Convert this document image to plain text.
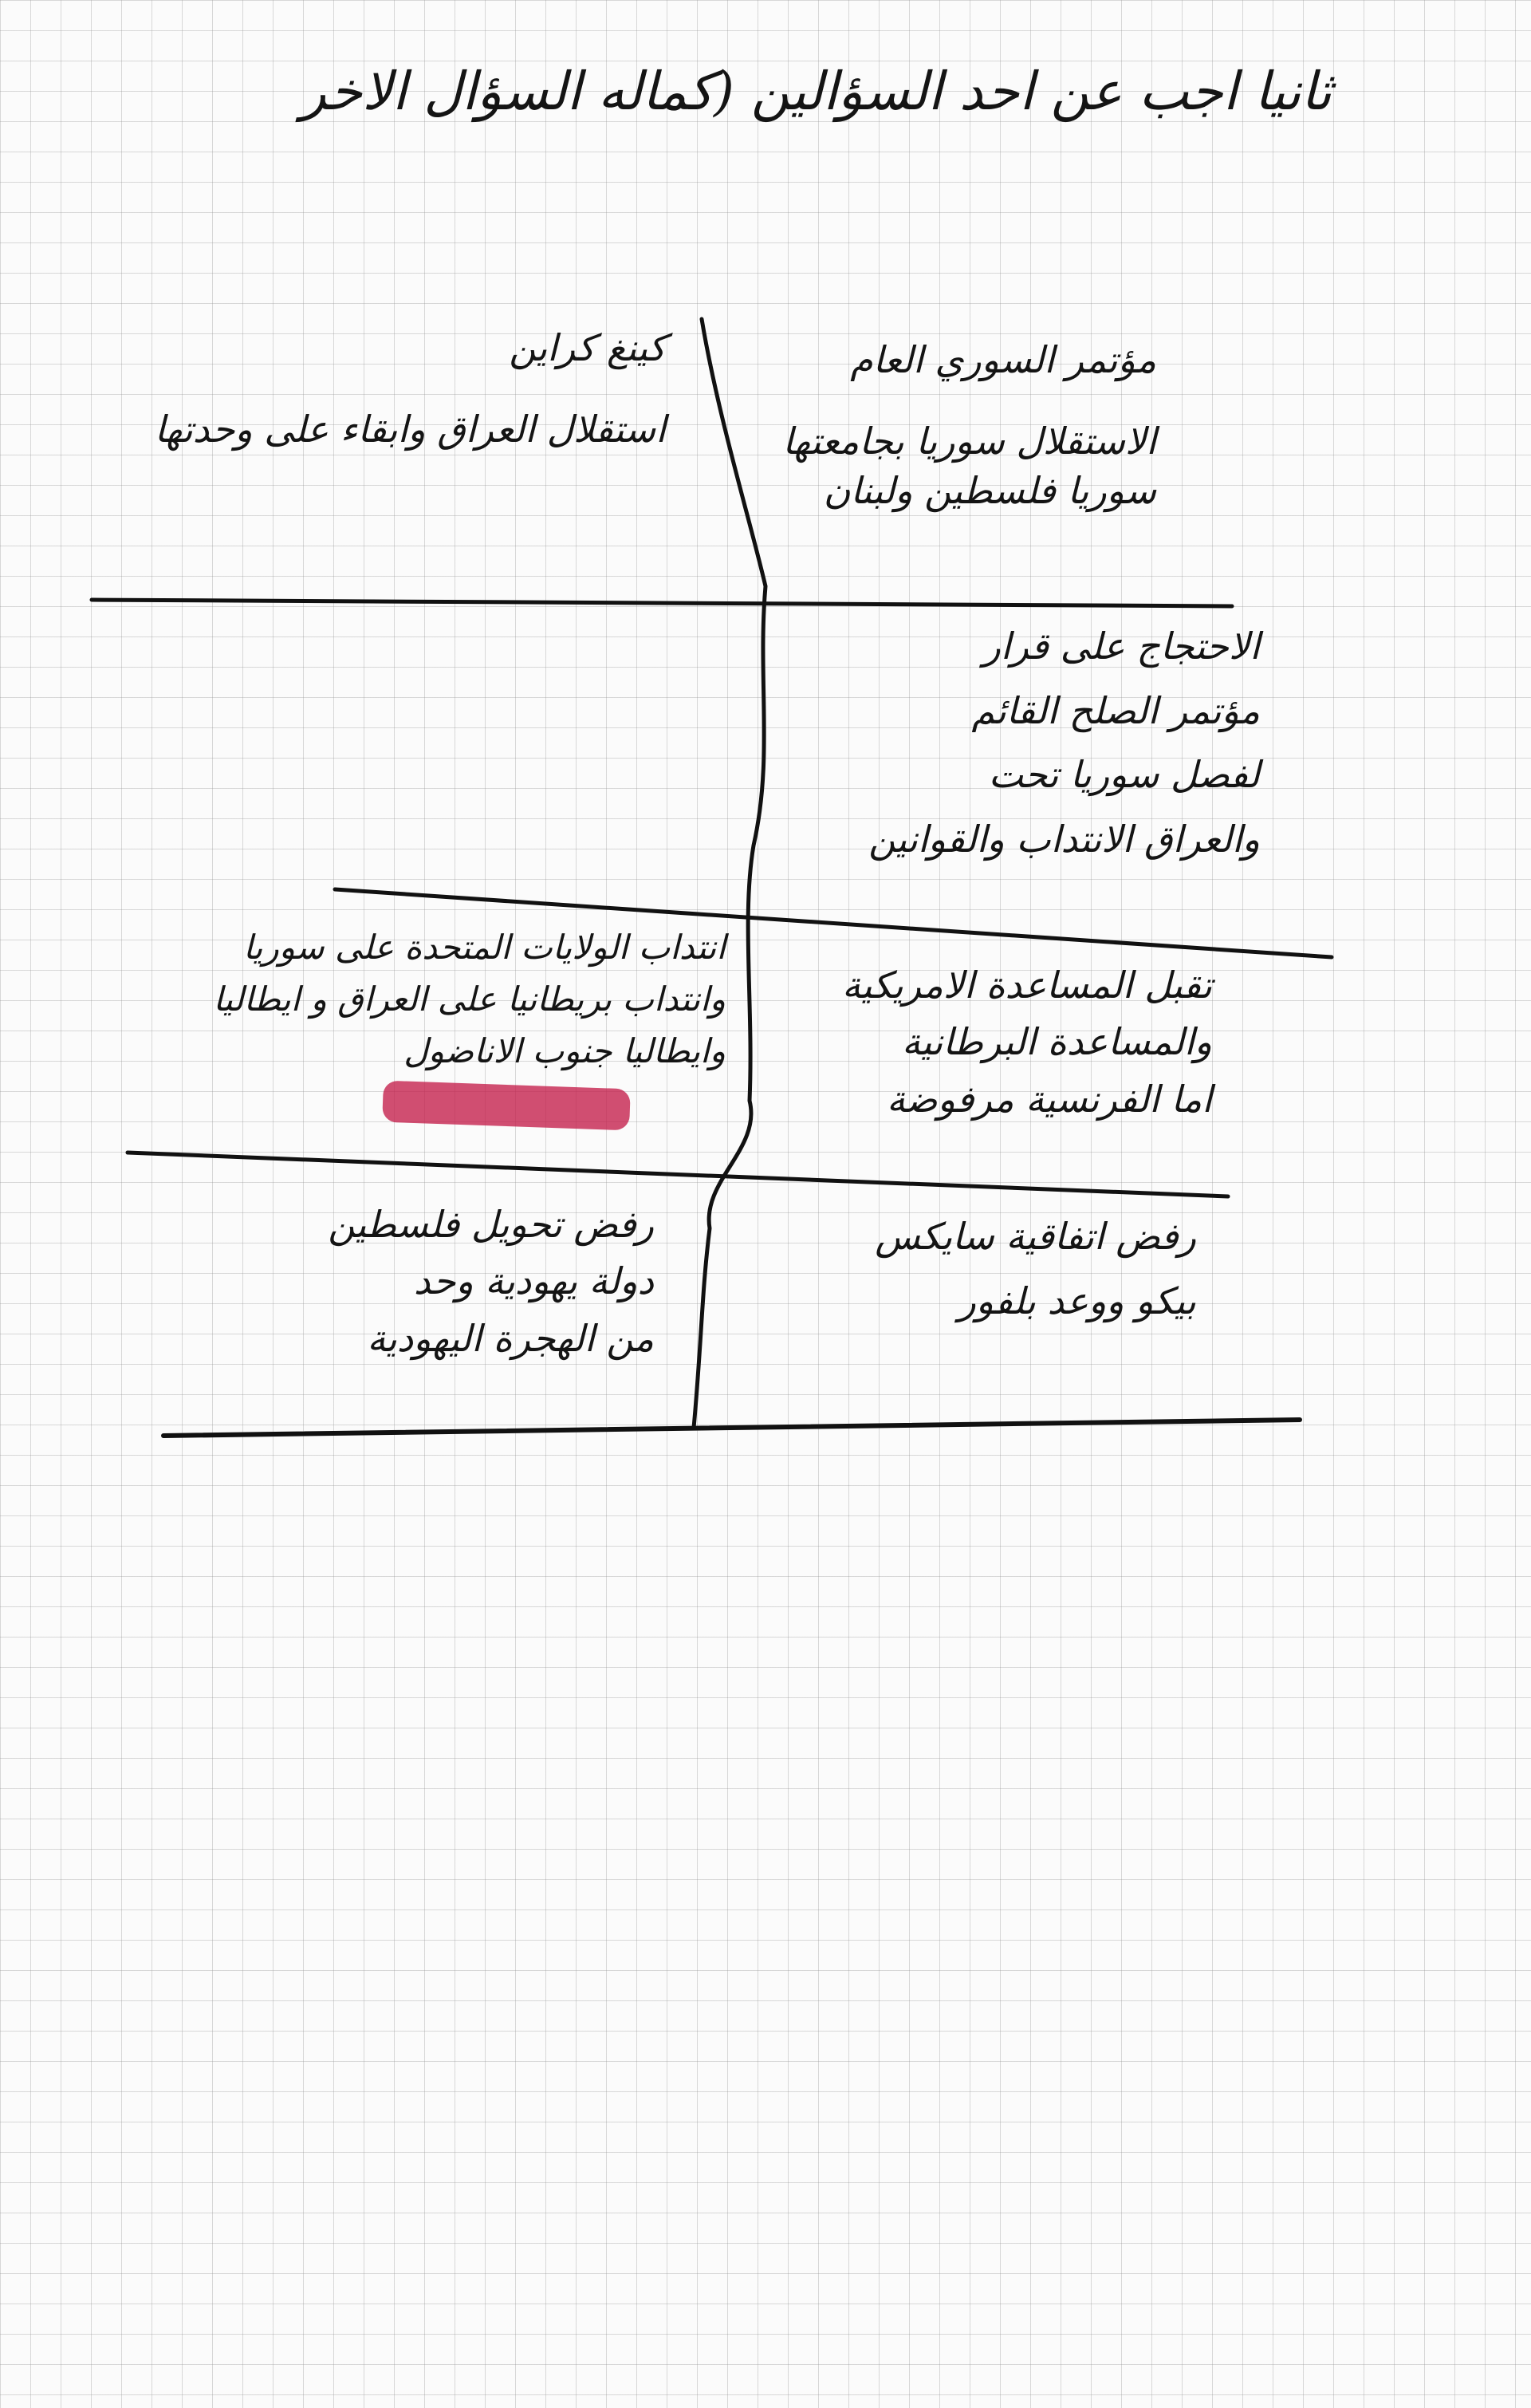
ثانيا اجب عن احد السؤالين (كماله السؤال الاخر
مؤتمر السوري العام
الاستقلال سوريا بجامعتها
سوريا فلسطين ولبنان
كينغ كراين
استقلال العراق وابقاء على وحدتها
الاحتجاج على قرار
مؤتمر الصلح القائم
لفصل سوريا تحت
والعراق الانتداب والقوانين
تقبل المساعدة الامريكية
والمساعدة البرطانية
اما الفرنسية مرفوضة
انتداب الولايات المتحدة على سوريا
وانتداب بريطانيا على العراق و ايطاليا
وايطاليا جنوب الاناضول
رفض اتفاقية سايكس
بيكو ووعد بلفور
رفض تحويل فلسطين
دولة يهودية وحد
من الهجرة اليهودية
